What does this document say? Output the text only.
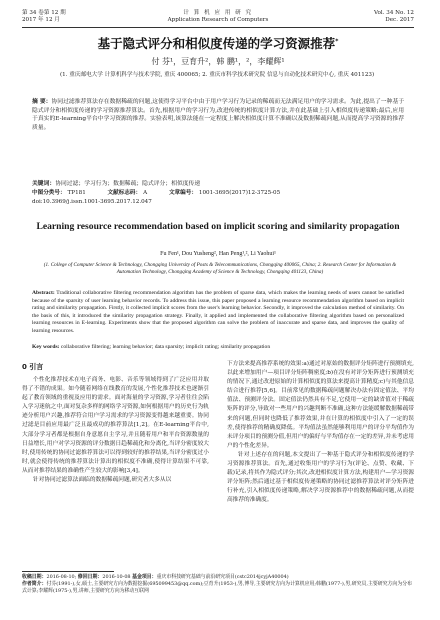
第 34 卷第 12 期
2017 年 12 月
计 算 机 应 用 研 究
Application Research of Computers
Vol. 34 No. 12
Dec. 2017
基于隐式评分和相似度传递的学习资源推荐*
付 芬¹，豆育升²，韩 鹏¹，²，李耀辉¹
(1. 重庆邮电大学 计算机科学与技术学院, 重庆 400065; 2. 重庆市科学技术研究院 信息与自动化技术研究中心, 重庆 401123)
摘 要：协同过滤推荐算法存在数据稀疏的问题,这使得学习平台中由于用户学习行为记录的稀疏而无法满足用户的学习需求。为此,提出了一种基于隐式评分和相似度传递的学习资源推荐算法。首先,根据用户的学习行为,改进传统的相似度计算方法,并在此基础上引入相似度传递策略;最后,应用于真实的E-learning平台中学习资源的推荐。实验表明,该算法能在一定程度上解决相似度计算不准确以及数据稀疏问题,从而提高学习资源的推荐质量。
关键词：协同过滤；学习行为；数据稀疏；隐式评分；相似度传递
中图分类号： TP181	文献标志码： A	文章编号： 1001-3695(2017)12-3725-05
doi:10.3969/j.issn.1001-3695.2017.12.047
Learning resource recommendation based on implicit scoring and similarity propagation
Fu Fen¹, Dou Yusheng², Han Peng¹,², Li Yaohui¹
(1. College of Computer Science & Technology, Chongqing University of Posts & Telecommunications, Chongqing 400065, China; 2. Research Center for Information & Automation Technology, Chongqing Academy of Science & Technology, Chongqing 401123, China)
Abstract: Traditional collaborative filtering recommendation algorithm has the problem of sparse data, which makes the learning needs of users cannot be satisfied because of the sparsity of user learning behavior records. To address this issue, this paper proposed a learning resource recommendation algorithm based on implicit rating and similarity propagation. Firstly, it collected implicit scores from the user's learning behavior. Secondly, it improved the calculation method of similarity. On the basis of this, it introduced the similarity propagation strategy. Finally, it applied and implemented the collaborative filtering algorithm based on personalized learning resources in E-learning. Experiments show that the proposed algorithm can solve the problem of inaccurate and sparse data, and improves the quality of learning resources.
Key words: collaborative filtering; learning behavior; data sparsity; implicit rating; similarity propagation
0 引言

个性化推荐技术在电子商务、电影、音乐等领域得到了广泛应用并取得了不错的成果。如今随着网络在线教育的发展,个性化推荐技术也逐渐引起了教育领域的重视及应用的需求。面对海量的学习资源,学习者往往会陷入学习迷航之中,面对复杂多样的网络学习资源,如何根据用户的历史行为轨迹分析用户兴趣,推荐符合用户学习需求的学习资源变得越来越重要。协同过滤是目前应用最广泛且最成功的推荐算法[1,2]。在E-learning平台中,大部分学习者都是根据自身意愿自主学习,并且随着用户和平台资源数量的日益增长,用户对学习资源的评分数据日趋稀疏化和分离化,当评分密度较大时,使用传统的协同过滤推荐算法可以得到较好的推荐结果,当评分密度过小时,就会使得传统的推荐算法计算出的相似度不准确,使得计算结果不可靠,从而对推荐结果的准确性产生较大的影响[3,4]。

针对协同过滤算法面临的数据稀疏问题,研究者大多从以

下方法来提高推荐系统的效果:a)通过对原始的数据评分矩阵进行预测填充,以此来增加用户—项目评分矩阵稠密度;b)在没有对评分矩阵进行预测填充的情况下,通过改进原始的计算相似度的算法来提高计算精度;c)与其他信息结合进行推荐[5,6]。目前常见的数据稀疏问题解决办法有固定值法、平均值法、预测评分法。固定值法仍然具有不足,它使用一定的缺省值对于稀疏矩阵的评分,导致对一些用户的兴趣判断不准确,这种方法能缓解数据稀疏带来的问题,但同时也降低了推荐效果,并在计算的相似度中引入了一定的误差,使得推荐的精确度降低。平均值法虽然能够利用用户的评分平均值作为未评分项目的预测分值,但用户的偏好与平均值存在一定的差异,并未考虑用户的个性化差异。

针对上述存在的问题,本文提出了一种基于隐式评分和相似度传递的学习资源推荐算法。首先,通过收集用户的学习行为(评论、点赞、收藏、下载)记录,将其作为隐式评分;其次,改进相似度计算方法,构建用户—学习资源评分矩阵;然后通过基于相似度传递策略的协同过滤推荐算法对评分矩阵进行补充,引入相似度传递策略,解决学习资源推荐中的数据稀疏问题,从而提高推荐的准确度。

收稿日期：2016-08-10; 修回日期：2016-10-08 基金项目：重庆市科技研究基础与前沿研究项目(cstc2014jcyjA40004)
作者简介：付芬(1991-),女,硕士,主要研究方向为数据挖掘(695099453@qq.com);豆育升(1953-),男,博导,主要研究方向为计算机应用;韩鹏(1977-),男,研究员,主要研究方向为分布式计算;李耀辉(1975-),男,讲师,主要研究方向为移动互联网
